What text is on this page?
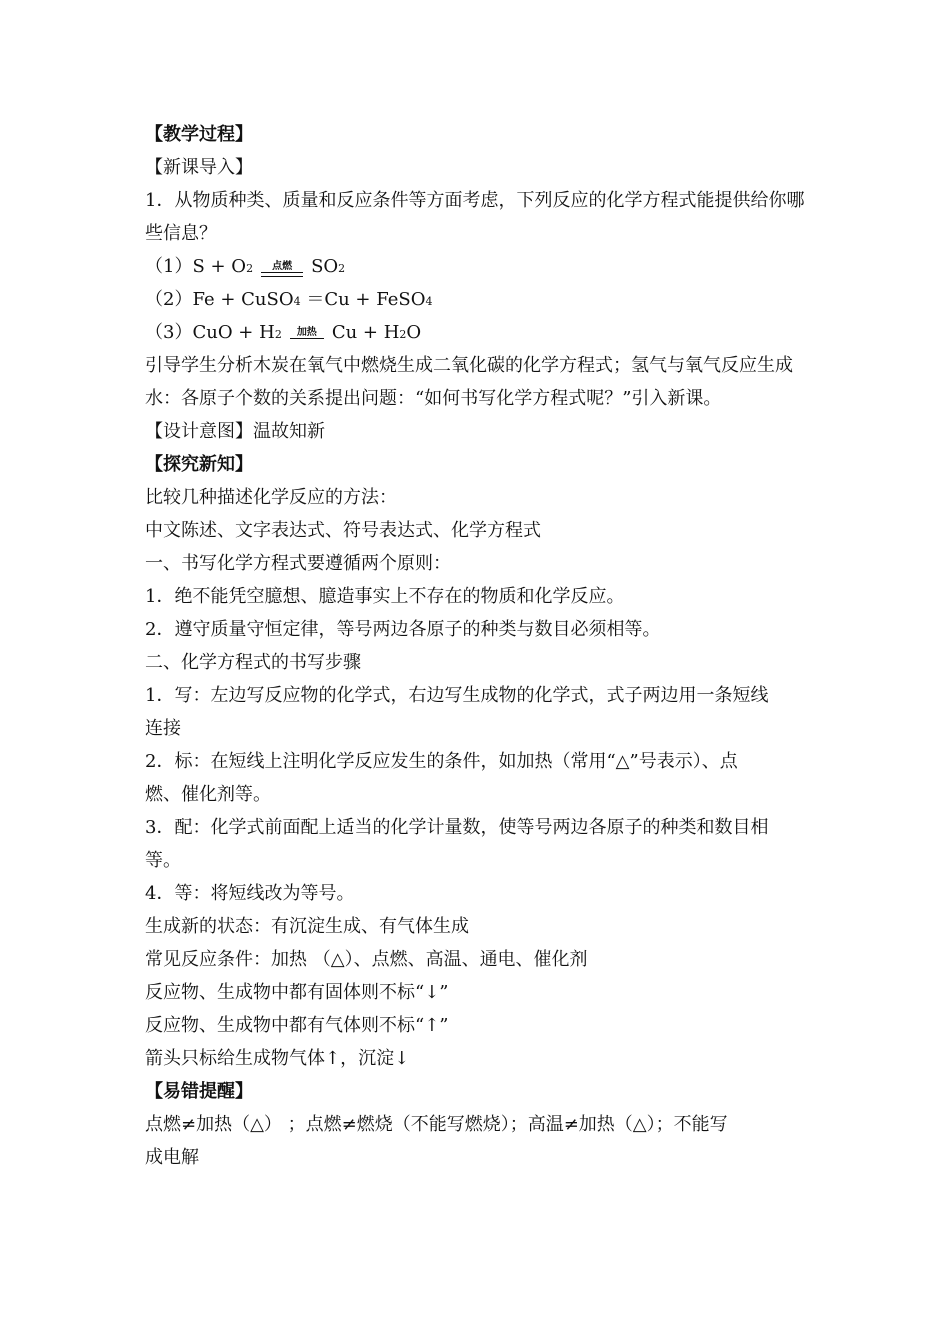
【教学过程】
【新课导入】
1．从物质种类、质量和反应条件等方面考虑，下列反应的化学方程式能提供给你哪些信息？
（1） S + O 2 点燃 SO 2
（2） Fe + CuSO 4 ＝Cu + FeSO 4
（3） CuO + H 2 加热 Cu + H 2 O
引导学生分析木炭在氧气中燃烧生成二氧化碳的化学方程式；氢气与氧气反应生成水：各原子个数的关系提出问题：“如何书写化学方程式呢？”引入新课。
【设计意图】温故知新
【探究新知】
比较几种描述化学反应的方法：
中文陈述、文字表达式、符号表达式、化学方程式
一、书写化学方程式要遵循两个原则：
1．绝不能凭空臆想、臆造事实上不存在的物质和化学反应。
2．遵守质量守恒定律，等号两边各原子的种类与数目必须相等。
二、化学方程式的书写步骤
1．写：左边写反应物的化学式，右边写生成物的化学式，式子两边用一条短线
连接
2．标：在短线上注明化学反应发生的条件，如加热（常用“△”号表示）、点
燃、催化剂等。
3．配：化学式前面配上适当的化学计量数，使等号两边各原子的种类和数目相
等。
4．等：将短线改为等号。
生成新的状态：有沉淀生成、有气体生成
常见反应条件：加热 （△）、点燃、高温、通电、催化剂
反应物、生成物中都有固体则不标“↓”
反应物、生成物中都有气体则不标“↑”
箭头只标给生成物气体↑，沉淀↓
【易错提醒】
点燃≠加热（△） ；点燃≠燃烧（不能写燃烧）；高温≠加热（△）；不能写
成电解
